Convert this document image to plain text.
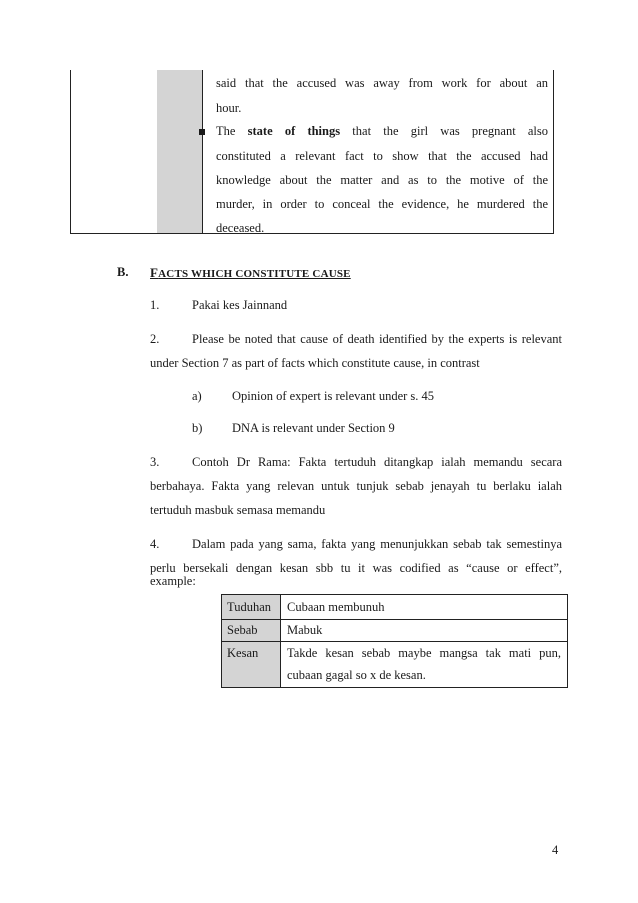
said that the accused was away from work for about an
hour.
The state of things that the girl was pregnant also
constituted a relevant fact to show that the accused had
knowledge about the matter and as to the motive of the
murder, in order to conceal the evidence, he murdered the
deceased.
B. FACTS WHICH CONSTITUTE CAUSE
1.	Pakai kes Jainnand
2.	Please be noted that cause of death identified by the experts is relevant
under Section 7 as part of facts which constitute cause, in contrast
a) Opinion of expert is relevant under s. 45
b) DNA is relevant under Section 9
3.	Contoh Dr Rama: Fakta tertuduh ditangkap ialah memandu secara
berbahaya. Fakta yang relevan untuk tunjuk sebab jenayah tu berlaku ialah
tertuduh masbuk semasa memandu
4.	Dalam pada yang sama, fakta yang menunjukkan sebab tak semestinya
perlu bersekali dengan kesan sbb tu it was codified as “cause or effect”,
example:
Tuduhan	Cubaan membunuh
Sebab	Mabuk
Kesan	Takde kesan sebab maybe mangsa tak mati pun,
cubaan gagal so x de kesan.
4
